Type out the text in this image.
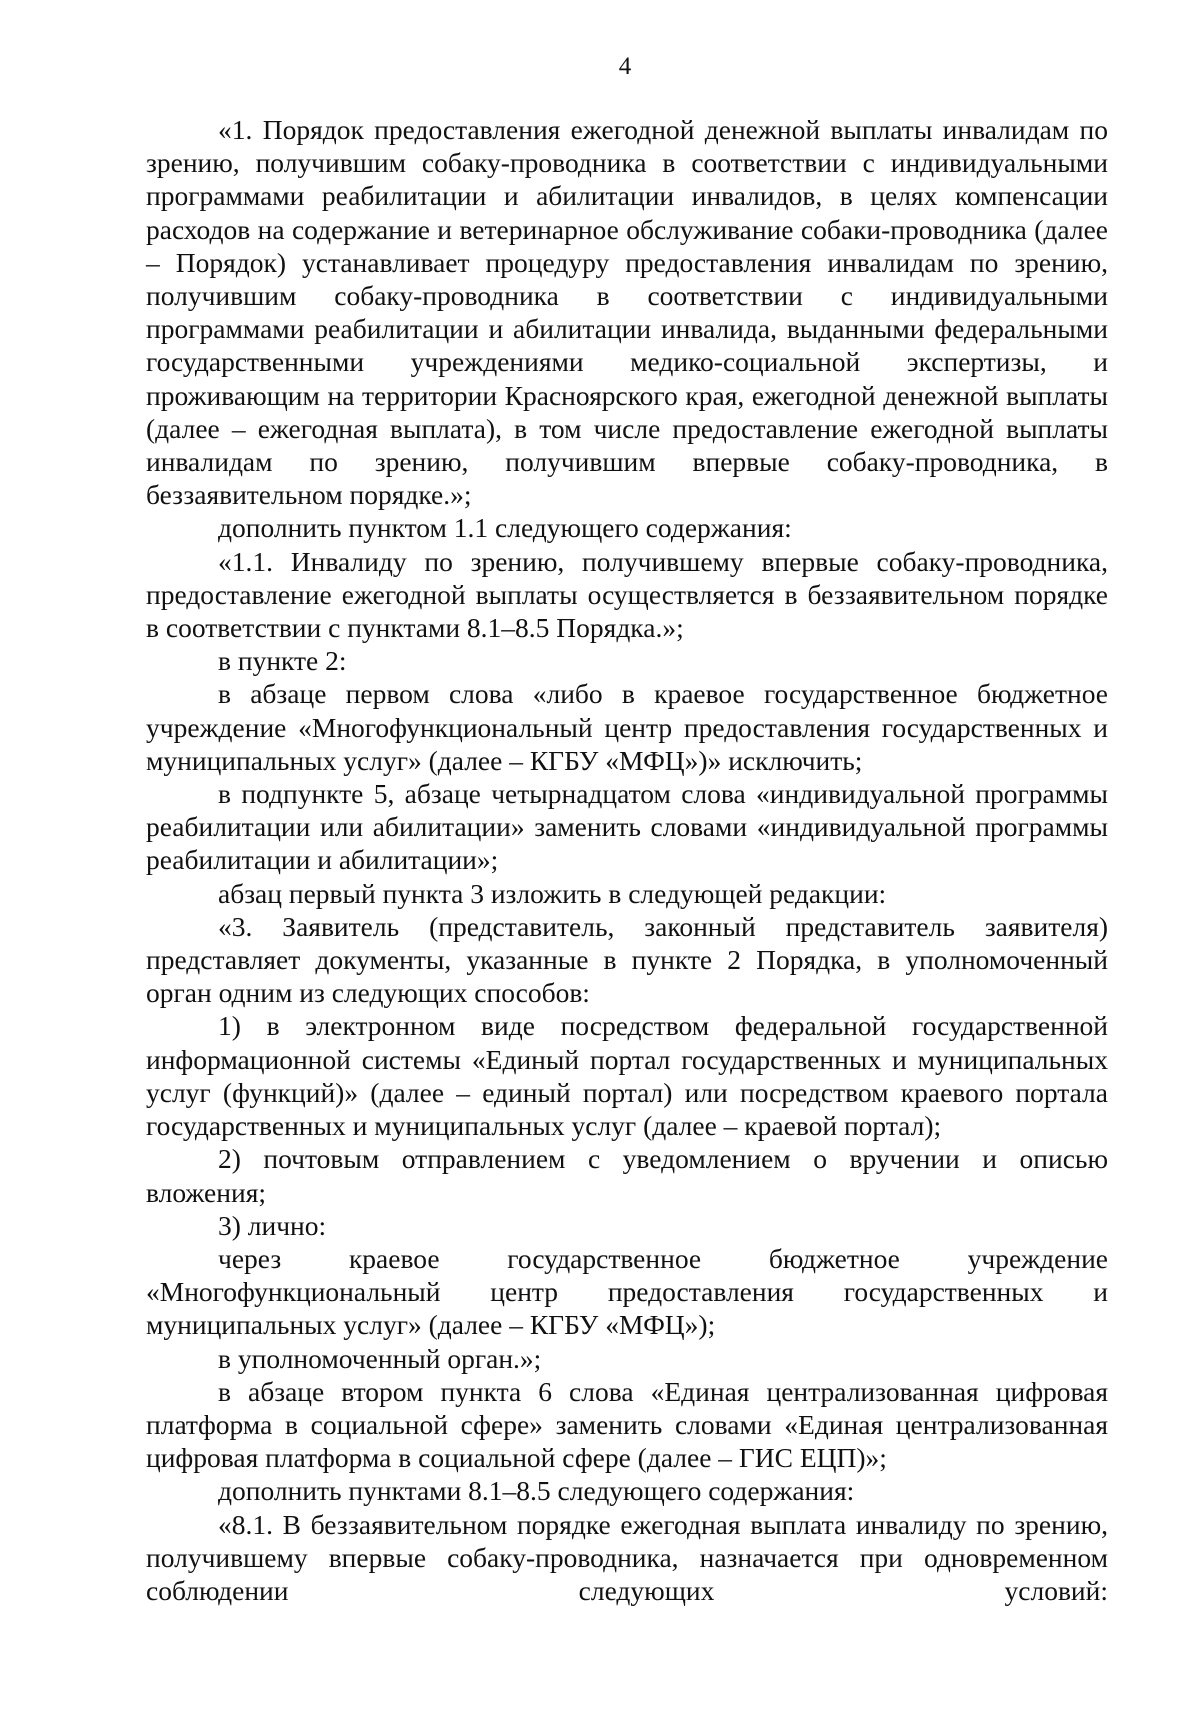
4

«1. Порядок предоставления ежегодной денежной выплаты инвалидам по зрению, получившим собаку-проводника в соответствии с индивидуальными программами реабилитации и абилитации инвалидов, в целях компенсации расходов на содержание и ветеринарное обслуживание собаки-проводника (далее – Порядок) устанавливает процедуру предоставления инвалидам по зрению, получившим собаку-проводника в соответствии с индивидуальными программами реабилитации и абилитации инвалида, выданными федеральными государственными учреждениями медико-социальной экспертизы, и проживающим на территории Красноярского края, ежегодной денежной выплаты (далее – ежегодная выплата), в том числе предоставление ежегодной выплаты инвалидам по зрению, получившим впервые собаку-проводника, в беззаявительном порядке.»;

дополнить пунктом 1.1 следующего содержания:

«1.1. Инвалиду по зрению, получившему впервые собаку-проводника, предоставление ежегодной выплаты осуществляется в беззаявительном порядке в соответствии с пунктами 8.1–8.5 Порядка.»;

в пункте 2:

в абзаце первом слова «либо в краевое государственное бюджетное учреждение «Многофункциональный центр предоставления государственных и муниципальных услуг» (далее – КГБУ «МФЦ»)» исключить;

в подпункте 5, абзаце четырнадцатом слова «индивидуальной программы реабилитации или абилитации» заменить словами «индивидуальной программы реабилитации и абилитации»;

абзац первый пункта 3 изложить в следующей редакции:

«3. Заявитель (представитель, законный представитель заявителя) представляет документы, указанные в пункте 2 Порядка, в уполномоченный орган одним из следующих способов:

1) в электронном виде посредством федеральной государственной информационной системы «Единый портал государственных и муниципальных услуг (функций)» (далее – единый портал) или посредством краевого портала государственных и муниципальных услуг (далее – краевой портал);

2) почтовым отправлением с уведомлением о вручении и описью вложения;

3) лично:

через краевое государственное бюджетное учреждение «Многофункциональный центр предоставления государственных и муниципальных услуг» (далее – КГБУ «МФЦ»);

в уполномоченный орган.»;

в абзаце втором пункта 6 слова «Единая централизованная цифровая платформа в социальной сфере» заменить словами «Единая централизованная цифровая платформа в социальной сфере (далее – ГИС ЕЦП)»;

дополнить пунктами 8.1–8.5 следующего содержания:

«8.1. В беззаявительном порядке ежегодная выплата инвалиду по зрению, получившему впервые собаку-проводника, назначается при одновременном соблюдении следующих условий:
